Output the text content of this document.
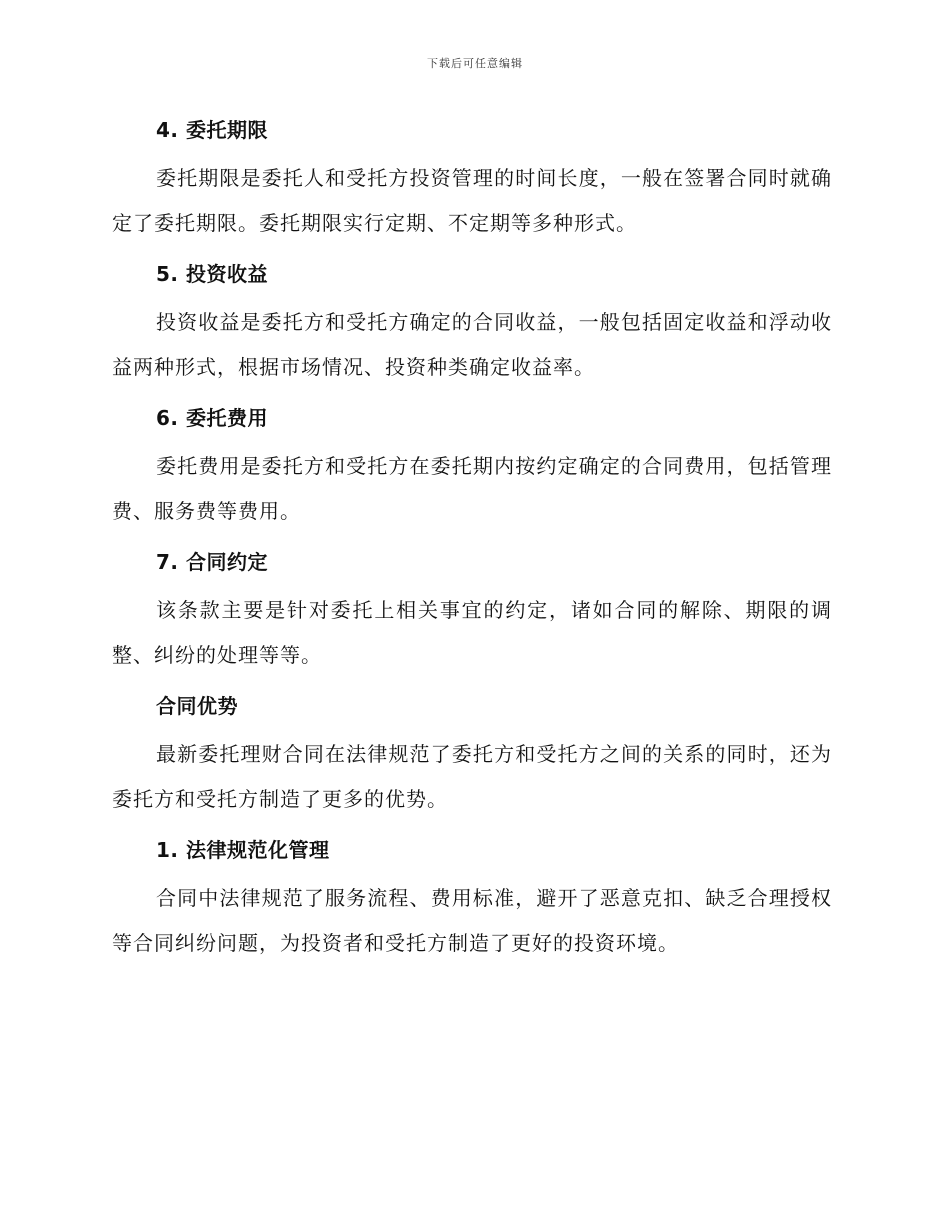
下载后可任意编辑
4. 委托期限

委托期限是委托人和受托方投资管理的时间长度，一般在签署合同时就确定了委托期限。委托期限实行定期、不定期等多种形式。

5. 投资收益

投资收益是委托方和受托方确定的合同收益，一般包括固定收益和浮动收益两种形式，根据市场情况、投资种类确定收益率。

6. 委托费用

委托费用是委托方和受托方在委托期内按约定确定的合同费用，包括管理费、服务费等费用。

7. 合同约定

该条款主要是针对委托上相关事宜的约定，诸如合同的解除、期限的调整、纠纷的处理等等。

合同优势

最新委托理财合同在法律规范了委托方和受托方之间的关系的同时，还为委托方和受托方制造了更多的优势。

1. 法律规范化管理

合同中法律规范了服务流程、费用标准，避开了恶意克扣、缺乏合理授权等合同纠纷问题，为投资者和受托方制造了更好的投资环境。
